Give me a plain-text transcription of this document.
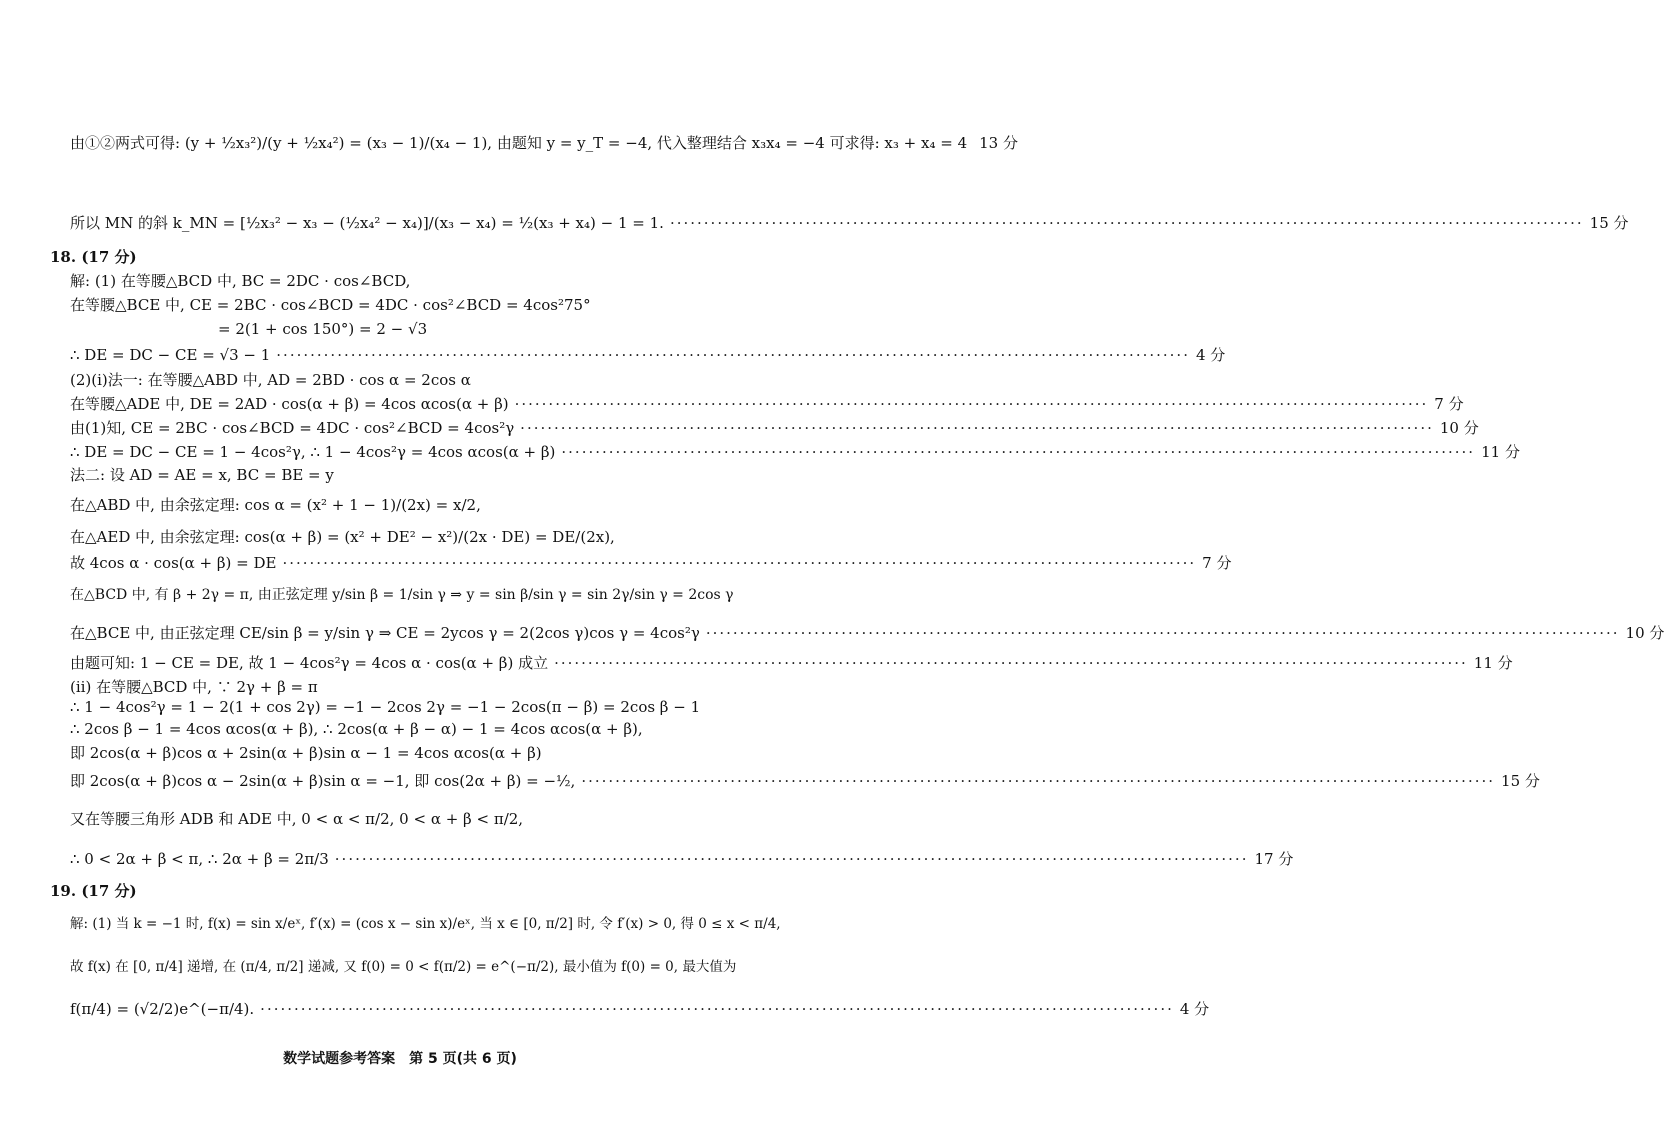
由①②两式可得: (y + ½x₃²)/(y + ½x₄²) = (x₃ − 1)/(x₄ − 1), 由题知 y = y_T = −4, 代入整理结合 x₃x₄ = −4 可求得: x₃ + x₄ = 4 13 分
所以 MN 的斜 k_MN = [½x₃² − x₃ − (½x₄² − x₄)]/(x₃ − x₄) = ½(x₃ + x₄) − 1 = 1. ·····	15 分
18. (17 分)
解: (1) 在等腰△BCD 中, BC = 2DC · cos∠BCD,
在等腰△BCE 中, CE = 2BC · cos∠BCD = 4DC · cos²∠BCD = 4cos²75°
= 2(1 + cos 150°) = 2 − √3
∴ DE = DC − CE = √3 − 1 ·····	4 分
(2)(ⅰ)法一: 在等腰△ABD 中, AD = 2BD · cos α = 2cos α
在等腰△ADE 中, DE = 2AD · cos(α + β) = 4cos αcos(α + β) ·····	7 分
由(1)知, CE = 2BC · cos∠BCD = 4DC · cos²∠BCD = 4cos²γ ·····	10 分
∴ DE = DC − CE = 1 − 4cos²γ, ∴ 1 − 4cos²γ = 4cos αcos(α + β) ·····	11 分
法二: 设 AD = AE = x, BC = BE = y
在△ABD 中, 由余弦定理: cos α = (x² + 1 − 1)/(2x) = x/2,
在△AED 中, 由余弦定理: cos(α + β) = (x² + DE² − x²)/(2x · DE) = DE/(2x),
故 4cos α · cos(α + β) = DE ·····	7 分
在△BCD 中, 有 β + 2γ = π, 由正弦定理 y/sin β = 1/sin γ ⇒ y = sin β/sin γ = sin 2γ/sin γ = 2cos γ
在△BCE 中, 由正弦定理 CE/sin β = y/sin γ ⇒ CE = 2ycos γ = 2(2cos γ)cos γ = 4cos²γ ·····	10 分
由题可知: 1 − CE = DE, 故 1 − 4cos²γ = 4cos α · cos(α + β) 成立 ·····	11 分
(ⅱ) 在等腰△BCD 中, ∵ 2γ + β = π
∴ 1 − 4cos²γ = 1 − 2(1 + cos 2γ) = −1 − 2cos 2γ = −1 − 2cos(π − β) = 2cos β − 1
∴ 2cos β − 1 = 4cos αcos(α + β), ∴ 2cos(α + β − α) − 1 = 4cos αcos(α + β),
即 2cos(α + β)cos α + 2sin(α + β)sin α − 1 = 4cos αcos(α + β)
即 2cos(α + β)cos α − 2sin(α + β)sin α = −1, 即 cos(2α + β) = −½, ·····	15 分
又在等腰三角形 ADB 和 ADE 中, 0 < α < π/2, 0 < α + β < π/2,
∴ 0 < 2α + β < π, ∴ 2α + β = 2π/3 ·····	17 分
19. (17 分)
解: (1) 当 k = −1 时, f(x) = sin x/eˣ, f′(x) = (cos x − sin x)/eˣ, 当 x ∈ [0, π/2] 时, 令 f′(x) > 0, 得 0 ≤ x < π/4,
故 f(x) 在 [0, π/4] 递增, 在 (π/4, π/2] 递减, 又 f(0) = 0 < f(π/2) = e^(−π/2), 最小值为 f(0) = 0, 最大值为
f(π/4) = (√2/2)e^(−π/4). ·····	4 分
数学试题参考答案　第 5 页(共 6 页)
